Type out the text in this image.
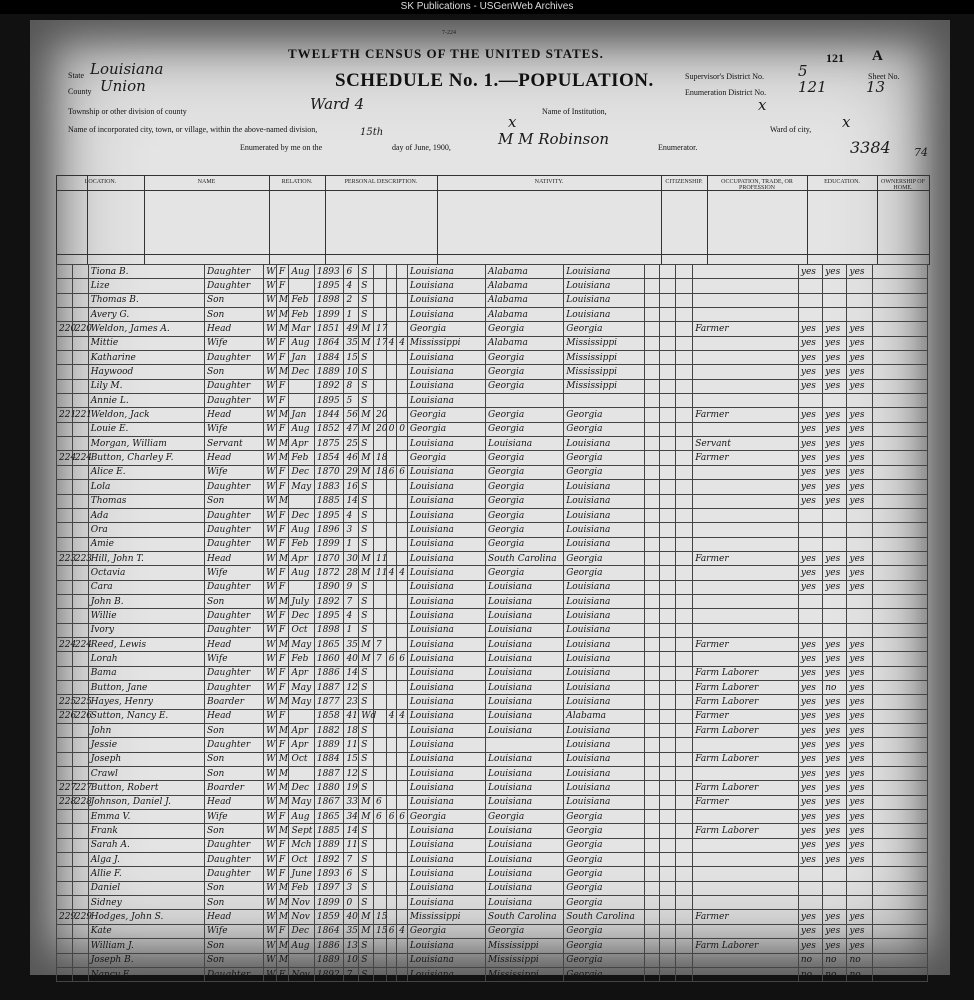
SK Publications - USGenWeb Archives
7-224
TWELFTH CENSUS OF THE UNITED STATES.
SCHEDULE No. 1.—POPULATION.
121 A
State Louisiana
County Union
Township or other division of county	Ward 4	Name of Institution,	x
Name of incorporated city, town, or village, within the above-named division,	x	Ward of city, x
Enumerated by me on the
15th
day of June, 1900,	M M Robinson	Enumerator.
Supervisor's District No. 5
Enumeration District No. 121
Sheet No.
13
3384 74
LOCATION.	NAME	RELATION.	PERSONAL DESCRIPTION.	NATIVITY.	CITIZENSHIP.	OCCUPATION, TRADE, OR PROFESSION
EDUCATION.	OWNERSHIP OF HOME.
		Tiona B.	Daughter	W	F	Aug	1893	6	S				Louisiana	Alabama	Louisiana					yes	yes	yes	
		Lize	Daughter	W	F		1895	4	S				Louisiana	Alabama	Louisiana								
		Thomas B.	Son	W	M	Feb	1898	2	S				Louisiana	Alabama	Louisiana								
		Avery G.	Son	W	M	Feb	1899	1	S				Louisiana	Alabama	Louisiana								
220	220	Weldon, James A.	Head	W	M	Mar	1851	49	M	17			Georgia	Georgia	Georgia				Farmer	yes	yes	yes	
		Mittie	Wife	W	F	Aug	1864	35	M	17	4	4	Mississippi	Alabama	Mississippi					yes	yes	yes	
		Katharine	Daughter	W	F	Jan	1884	15	S				Louisiana	Georgia	Mississippi					yes	yes	yes	
		Haywood	Son	W	M	Dec	1889	10	S				Louisiana	Georgia	Mississippi					yes	yes	yes	
		Lily M.	Daughter	W	F		1892	8	S				Louisiana	Georgia	Mississippi					yes	yes	yes	
		Annie L.	Daughter	W	F		1895	5	S				Louisiana										
221	221	Weldon, Jack	Head	W	M	Jan	1844	56	M	20			Georgia	Georgia	Georgia				Farmer	yes	yes	yes	
		Louie E.	Wife	W	F	Aug	1852	47	M	20	0	0	Georgia	Georgia	Georgia					yes	yes	yes	
		Morgan, William	Servant	W	M	Apr	1875	25	S				Louisiana	Louisiana	Louisiana				Servant	yes	yes	yes	
224	224	Button, Charley F.	Head	W	M	Feb	1854	46	M	18			Georgia	Georgia	Georgia				Farmer	yes	yes	yes	
		Alice E.	Wife	W	F	Dec	1870	29	M	18	6	6	Louisiana	Georgia	Georgia					yes	yes	yes	
		Lola	Daughter	W	F	May	1883	16	S				Louisiana	Georgia	Louisiana					yes	yes	yes	
		Thomas	Son	W	M		1885	14	S				Louisiana	Georgia	Louisiana					yes	yes	yes	
		Ada	Daughter	W	F	Dec	1895	4	S				Louisiana	Georgia	Louisiana								
		Ora	Daughter	W	F	Aug	1896	3	S				Louisiana	Georgia	Louisiana								
		Amie	Daughter	W	F	Feb	1899	1	S				Louisiana	Georgia	Louisiana								
223	223	Hill, John T.	Head	W	M	Apr	1870	30	M	11			Louisiana	South Carolina	Georgia				Farmer	yes	yes	yes	
		Octavia	Wife	W	F	Aug	1872	28	M	11	4	4	Louisiana	Georgia	Georgia					yes	yes	yes	
		Cara	Daughter	W	F		1890	9	S				Louisiana	Louisiana	Louisiana					yes	yes	yes	
		John B.	Son	W	M	July	1892	7	S				Louisiana	Louisiana	Louisiana								
		Willie	Daughter	W	F	Dec	1895	4	S				Louisiana	Louisiana	Louisiana								
		Ivory	Daughter	W	F	Oct	1898	1	S				Louisiana	Louisiana	Louisiana								
224	224	Reed, Lewis	Head	W	M	May	1865	35	M	7			Louisiana	Louisiana	Louisiana				Farmer	yes	yes	yes	
		Lorah	Wife	W	F	Feb	1860	40	M	7	6	6	Louisiana	Louisiana	Louisiana					yes	yes	yes	
		Bama	Daughter	W	F	Apr	1886	14	S				Louisiana	Louisiana	Louisiana				Farm Laborer	yes	yes	yes	
		Button, Jane	Daughter	W	F	May	1887	12	S				Louisiana	Louisiana	Louisiana				Farm Laborer	yes	no	yes	
225	225	Hayes, Henry	Boarder	W	M	May	1877	23	S				Louisiana	Louisiana	Louisiana				Farm Laborer	yes	yes	yes	
226	226	Sutton, Nancy E.	Head	W	F		1858	41	Wd		4	4	Louisiana	Louisiana	Alabama				Farmer	yes	yes	yes	
		John	Son	W	M	Apr	1882	18	S				Louisiana	Louisiana	Louisiana				Farm Laborer	yes	yes	yes	
		Jessie	Daughter	W	F	Apr	1889	11	S				Louisiana		Louisiana					yes	yes	yes	
		Joseph	Son	W	M	Oct	1884	15	S				Louisiana	Louisiana	Louisiana				Farm Laborer	yes	yes	yes	
		Crawl	Son	W	M		1887	12	S				Louisiana	Louisiana	Louisiana					yes	yes	yes	
227	227	Button, Robert	Boarder	W	M	Dec	1880	19	S				Louisiana	Louisiana	Louisiana				Farm Laborer	yes	yes	yes	
228	228	Johnson, Daniel J.	Head	W	M	May	1867	33	M	6			Louisiana	Louisiana	Louisiana				Farmer	yes	yes	yes	
		Emma V.	Wife	W	F	Aug	1865	34	M	6	6	6	Georgia	Georgia	Georgia					yes	yes	yes	
		Frank	Son	W	M	Sept	1885	14	S				Louisiana	Louisiana	Georgia				Farm Laborer	yes	yes	yes	
		Sarah A.	Daughter	W	F	Mch	1889	11	S				Louisiana	Louisiana	Georgia					yes	yes	yes	
		Alga J.	Daughter	W	F	Oct	1892	7	S				Louisiana	Louisiana	Georgia					yes	yes	yes	
		Allie F.	Daughter	W	F	June	1893	6	S				Louisiana	Louisiana	Georgia								
		Daniel	Son	W	M	Feb	1897	3	S				Louisiana	Louisiana	Georgia								
		Sidney	Son	W	M	Nov	1899	0	S				Louisiana	Louisiana	Georgia								
229	229	Hodges, John S.	Head	W	M	Nov	1859	40	M	15			Mississippi	South Carolina	South Carolina				Farmer	yes	yes	yes	
		Kate	Wife	W	F	Dec	1864	35	M	15	6	4	Georgia	Georgia	Georgia					yes	yes	yes	
		William J.	Son	W	M	Aug	1886	13	S				Louisiana	Mississippi	Georgia				Farm Laborer	yes	yes	yes	
		Joseph B.	Son	W	M		1889	10	S				Louisiana	Mississippi	Georgia					no	no	no	
		Nancy E.	Daughter	W	F	Nov	1892	7	S				Louisiana	Mississippi	Georgia					no	no	no	
